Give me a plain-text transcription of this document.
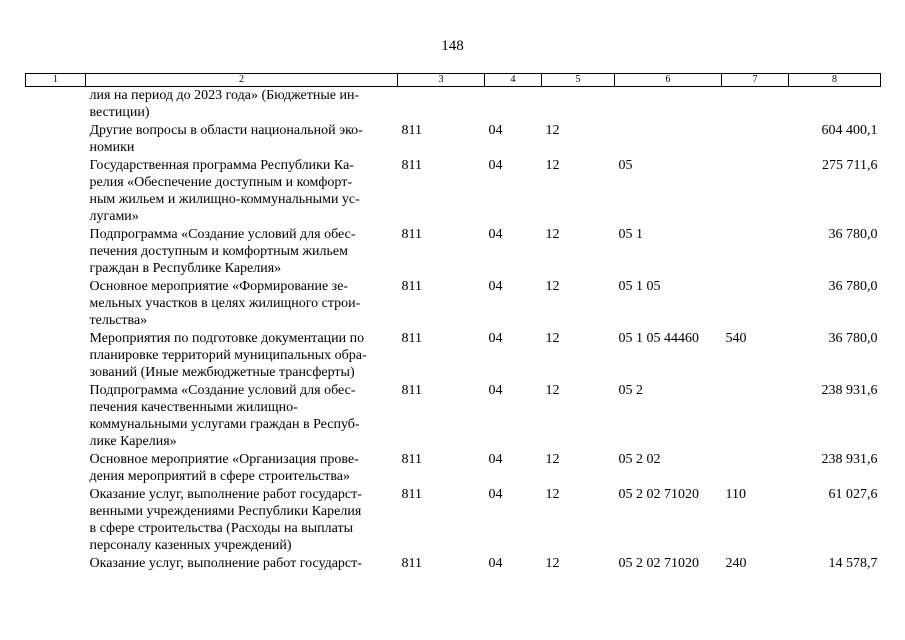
148
1	2	3	4	5	6	7	8
	лия на период до 2023 года» (Бюджетные ин-
вестиции)						
	Другие вопросы в области национальной эко-
номики	811	04	12			604 400,1
	Государственная программа Республики Ка-
релия «Обеспечение доступным и комфорт-
ным жильем и жилищно-коммунальными ус-
лугами»	811	04	12	05		275 711,6
	Подпрограмма «Создание условий для обес-
печения доступным и комфортным жильем
граждан в Республике Карелия»	811	04	12	05 1		36 780,0
	Основное мероприятие «Формирование зе-
мельных участков в целях жилищного строи-
тельства»	811	04	12	05 1 05		36 780,0
	Мероприятия по подготовке документации по
планировке территорий муниципальных обра-
зований (Иные межбюджетные трансферты)	811	04	12	05 1 05 44460	540	36 780,0
	Подпрограмма «Создание условий для обес-
печения качественными жилищно-
коммунальными услугами граждан в Респуб-
лике Карелия»	811	04	12	05 2		238 931,6
	Основное мероприятие «Организация прове-
дения мероприятий в сфере строительства»	811	04	12	05 2 02		238 931,6
	Оказание услуг, выполнение работ государст-
венными учреждениями Республики Карелия
в сфере строительства (Расходы на выплаты
персоналу казенных учреждений)	811	04	12	05 2 02 71020	110	61 027,6
	Оказание услуг, выполнение работ государст-	811	04	12	05 2 02 71020	240	14 578,7
